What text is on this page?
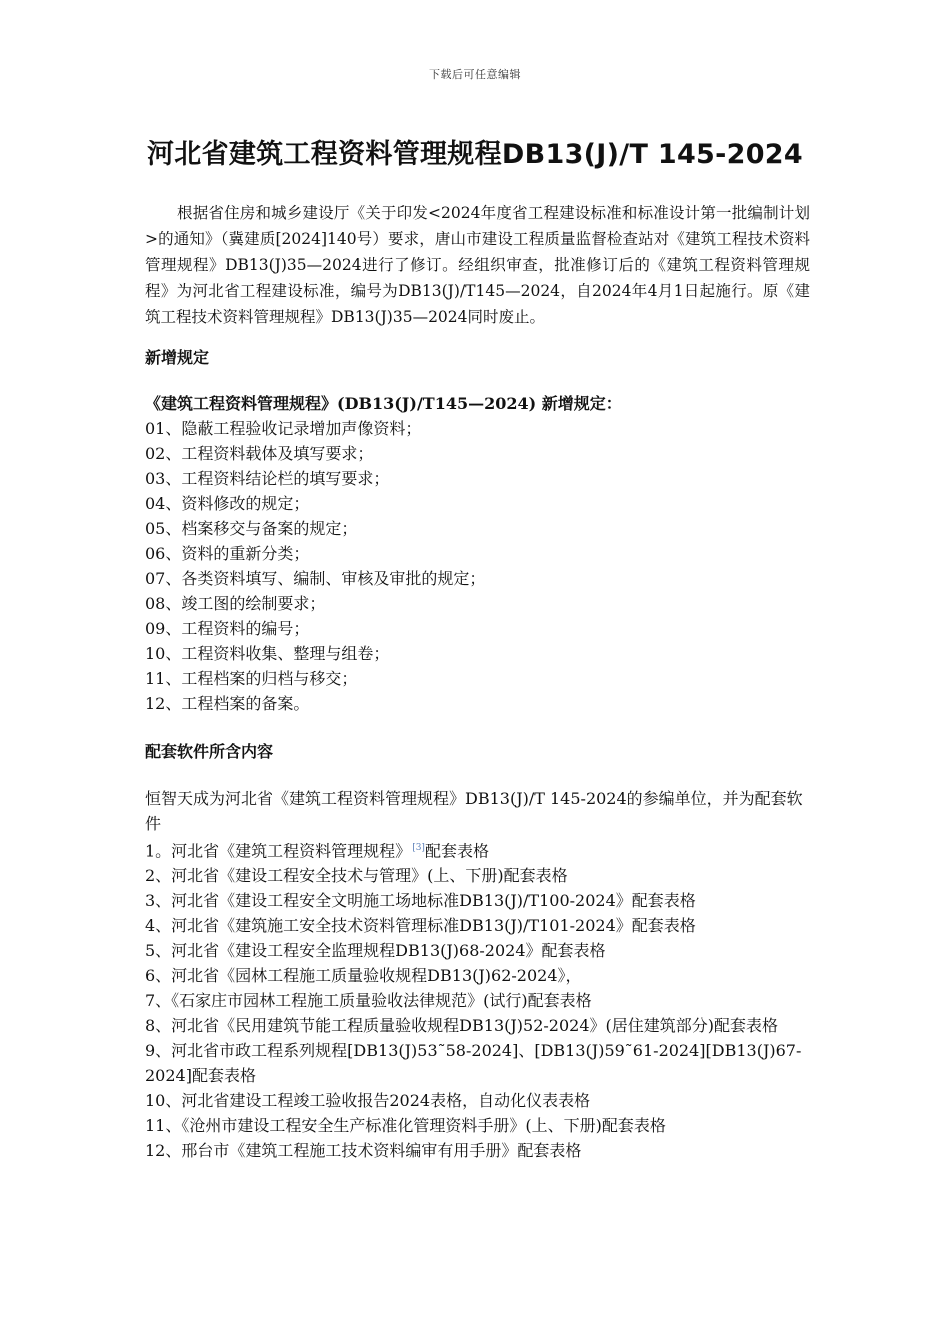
下载后可任意编辑
河北省建筑工程资料管理规程DB13(J)/T 145-2024

根据省住房和城乡建设厅《关于印发<2024年度省工程建设标准和标准设计第一批编制计划>的通知》（冀建质[2024]140号）要求，唐山市建设工程质量监督检查站对《建筑工程技术资料管理规程》DB13(J)35—2024进行了修订。经组织审查，批准修订后的《建筑工程资料管理规程》为河北省工程建设标准，编号为DB13(J)/T145—2024，自2024年4月1日起施行。原《建筑工程技术资料管理规程》DB13(J)35—2024同时废止。

新增规定

《建筑工程资料管理规程》(DB13(J)/T145—2024) 新增规定：

01、隐蔽工程验收记录增加声像资料；
02、工程资料载体及填写要求；
03、工程资料结论栏的填写要求；
04、资料修改的规定；
05、档案移交与备案的规定；
06、资料的重新分类；
07、各类资料填写、编制、审核及审批的规定；
08、竣工图的绘制要求；
09、工程资料的编号；
10、工程资料收集、整理与组卷；
11、工程档案的归档与移交；
12、工程档案的备案。

配套软件所含内容

恒智天成为河北省《建筑工程资料管理规程》DB13(J)/T 145-2024的参编单位，并为配套软件

1。河北省《建筑工程资料管理规程》[3]配套表格
2、河北省《建设工程安全技术与管理》(上、下册)配套表格
3、河北省《建设工程安全文明施工场地标准DB13(J)/T100-2024》配套表格
4、河北省《建筑施工安全技术资料管理标准DB13(J)/T101-2024》配套表格
5、河北省《建设工程安全监理规程DB13(J)68-2024》配套表格
6、河北省《园林工程施工质量验收规程DB13(J)62-2024》，
7、《石家庄市园林工程施工质量验收法律规范》(试行)配套表格
8、河北省《民用建筑节能工程质量验收规程DB13(J)52-2024》(居住建筑部分)配套表格
9、河北省市政工程系列规程[DB13(J)53˜58-2024]、[DB13(J)59˜61-2024][DB13(J)67-2024]配套表格
10、河北省建设工程竣工验收报告2024表格，自动化仪表表格
11、《沧州市建设工程安全生产标准化管理资料手册》(上、下册)配套表格
12、邢台市《建筑工程施工技术资料编审有用手册》配套表格
